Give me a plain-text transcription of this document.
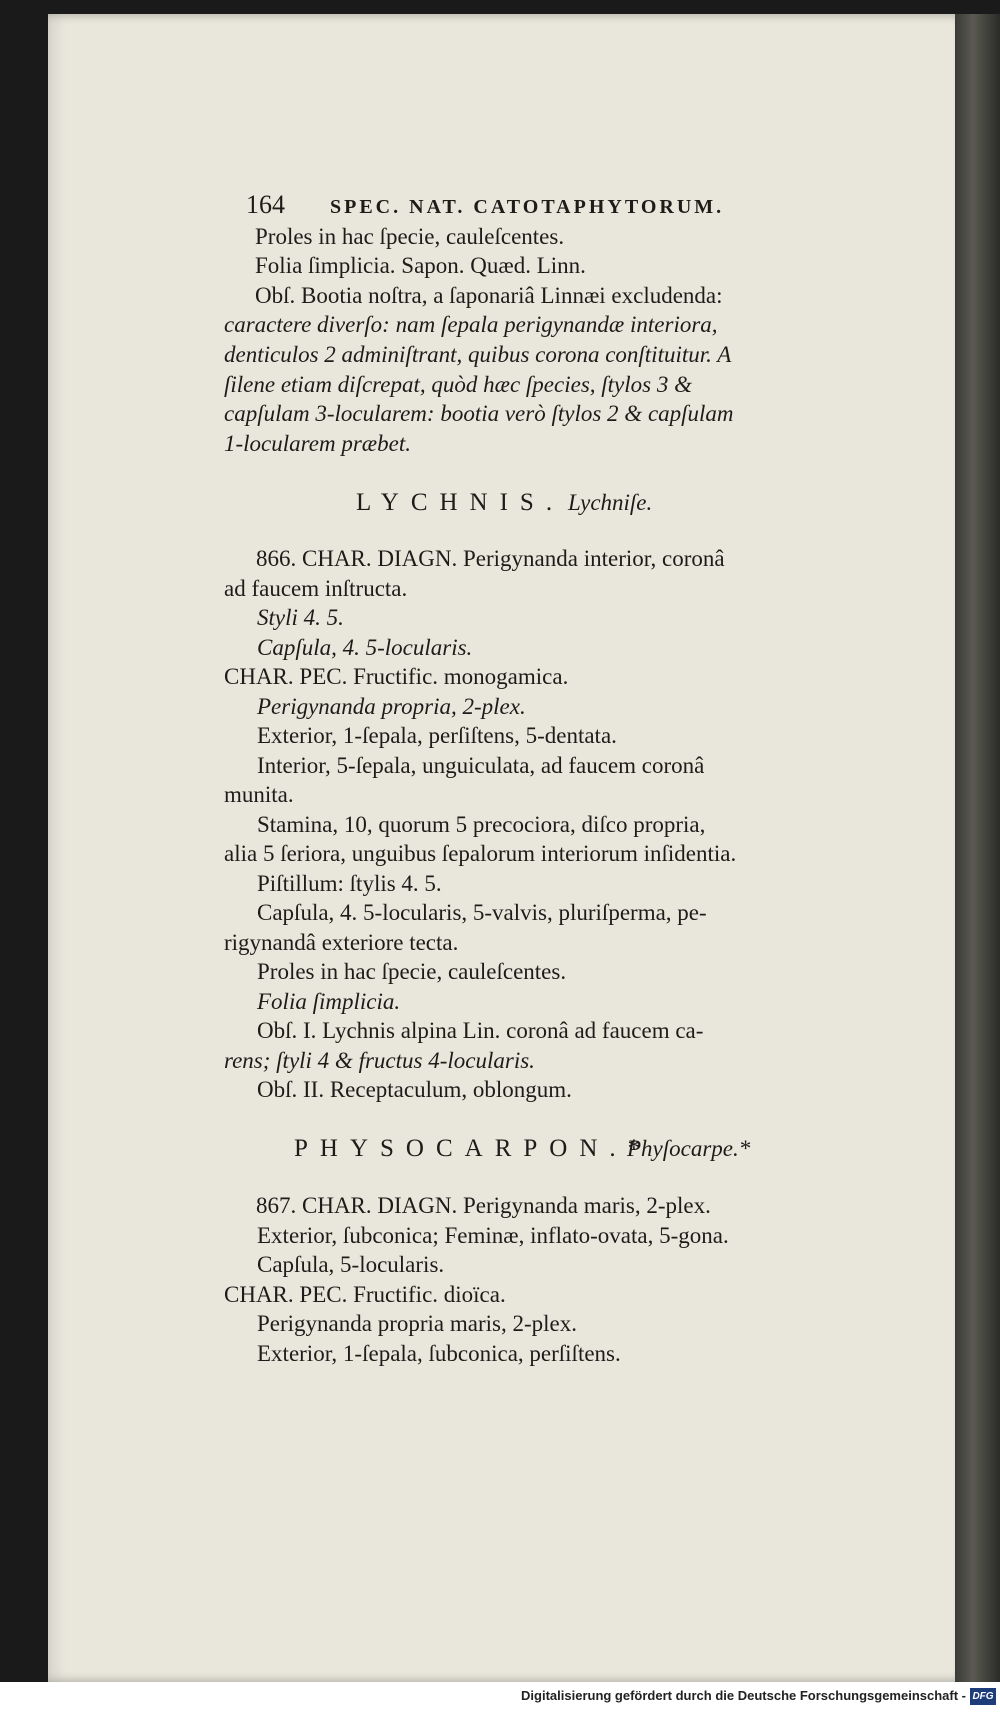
164 SPEC. NAT. CATOTAPHYTORUM.
Proles in hac ſpecie, cauleſcentes.
Folia ſimplicia. Sapon. Quæd. Linn.
Obſ. Bootia noſtra, a ſaponariâ Linnæi excludenda:
caractere diverſo: nam ſepala perigynandæ interiora,
denticulos 2 adminiſtrant, quibus corona conſtituitur. A
ſilene etiam diſcrepat, quòd hæc ſpecies, ſtylos 3 &
capſulam 3-locularem: bootia verò ſtylos 2 & capſulam
1-locularem præbet.
LYCHNIS. Lychniſe.
866. CHAR. DIAGN. Perigynanda interior, coronâ
ad faucem inſtructa.
Styli 4. 5.
Capſula, 4. 5-locularis.
CHAR. PEC. Fructific. monogamica.
Perigynanda propria, 2-plex.
Exterior, 1-ſepala, perſiſtens, 5-dentata.
Interior, 5-ſepala, unguiculata, ad faucem coronâ
munita.
Stamina, 10, quorum 5 precociora, diſco propria,
alia 5 ſeriora, unguibus ſepalorum interiorum inſidentia.
Piſtillum: ſtylis 4. 5.
Capſula, 4. 5-locularis, 5-valvis, pluriſperma, pe-
rigynandâ exteriore tecta.
Proles in hac ſpecie, cauleſcentes.
Folia ſimplicia.
Obſ. I. Lychnis alpina Lin. coronâ ad faucem ca-
rens; ſtyli 4 & fructus 4-locularis.
Obſ. II. Receptaculum, oblongum.
PHYSOCARPON.*
Phyſocarpe.*
867. CHAR. DIAGN. Perigynanda maris, 2-plex.
Exterior, ſubconica; Feminæ, inflato-ovata, 5-gona.
Capſula, 5-locularis.
CHAR. PEC. Fructific. dioïca.
Perigynanda propria maris, 2-plex.
Exterior, 1-ſepala, ſubconica, perſiſtens.
Digitalisierung gefördert durch die Deutsche Forschungsgemeinschaft - DFG
